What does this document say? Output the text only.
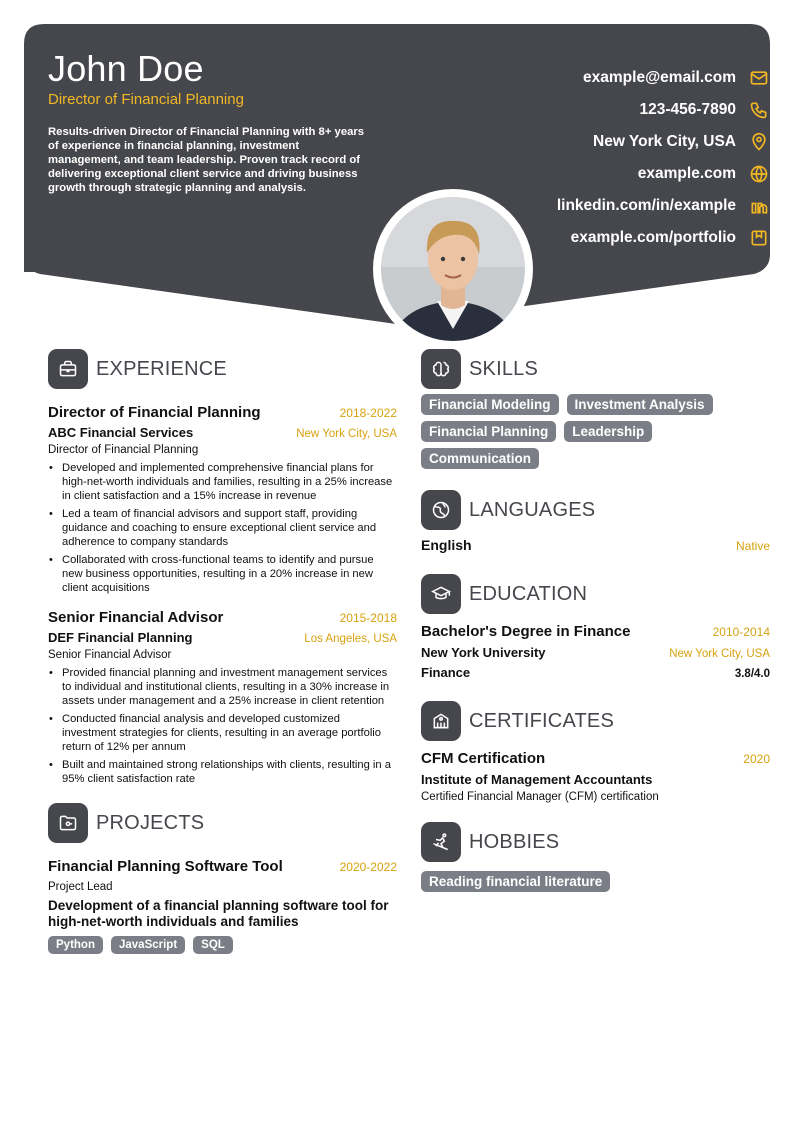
John Doe
Director of Financial Planning
Results-driven Director of Financial Planning with 8+ years of experience in financial planning, investment management, and team leadership. Proven track record of delivering exceptional client service and driving business growth through strategic planning and analysis.
example@email.com
123-456-7890
New York City, USA
example.com
linkedin.com/in/example
example.com/portfolio
EXPERIENCE
Director of Financial Planning	2018-2022
ABC Financial Services	New York City, USA
Director of Financial Planning
• Developed and implemented comprehensive financial plans for high-net-worth individuals and families, resulting in a 25% increase in client satisfaction and a 15% increase in revenue
• Led a team of financial advisors and support staff, providing guidance and coaching to ensure exceptional client service and adherence to company standards
• Collaborated with cross-functional teams to identify and pursue new business opportunities, resulting in a 20% increase in new client acquisitions
Senior Financial Advisor	2015-2018
DEF Financial Planning	Los Angeles, USA
Senior Financial Advisor
• Provided financial planning and investment management services to individual and institutional clients, resulting in a 30% increase in assets under management and a 25% increase in client retention
• Conducted financial analysis and developed customized investment strategies for clients, resulting in an average portfolio return of 12% per annum
• Built and maintained strong relationships with clients, resulting in a 95% client satisfaction rate
PROJECTS
Financial Planning Software Tool	2020-2022
Project Lead
Development of a financial planning software tool for high-net-worth individuals and families
Python	JavaScript	SQL
SKILLS
Financial Modeling	Investment Analysis
Financial Planning	Leadership
Communication
LANGUAGES
English	Native
EDUCATION
Bachelor's Degree in Finance	2010-2014
New York University	New York City, USA
Finance	3.8/4.0
CERTIFICATES
CFM Certification	2020
Institute of Management Accountants
Certified Financial Manager (CFM) certification
HOBBIES
Reading financial literature
